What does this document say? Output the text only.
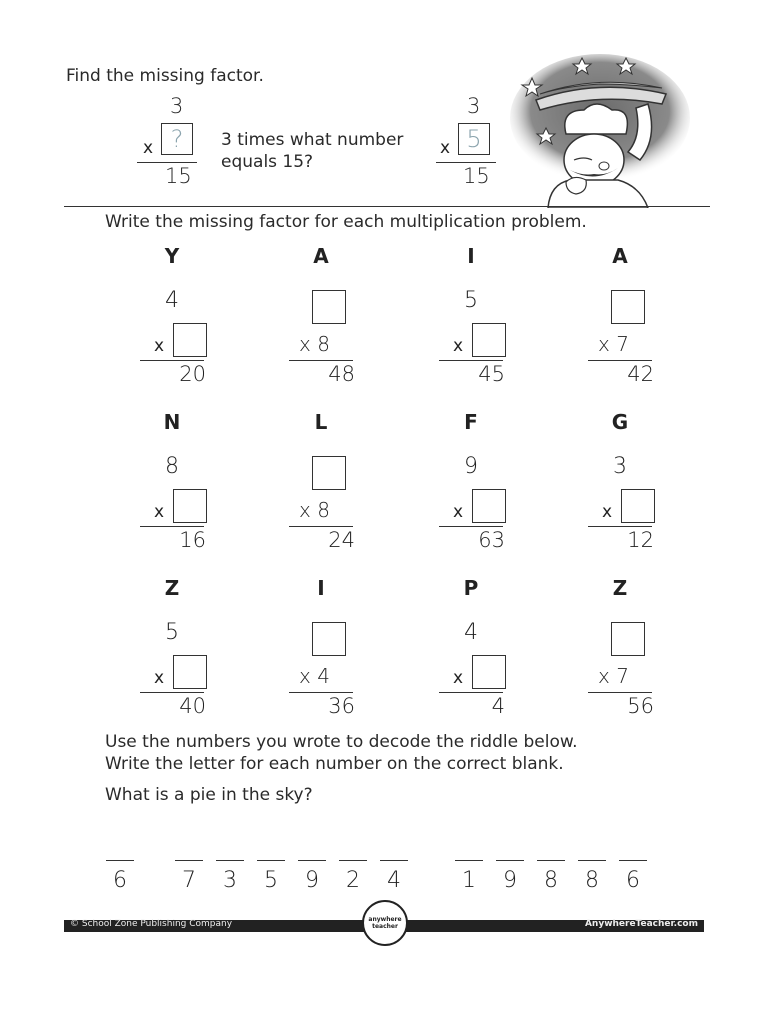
Find the missing factor.
3
?
x
15
3 times what number
equals 15?
3
5
x
15
Write the missing factor for each multiplication problem.
Y
4
x
20
A
x 8
48
I
5
x
45
A
x 7
42
N
8
x
16
L
x 8
24
F
9
x
63
G
3
x
12
Z
5
x
40
I
x 4
36
P
4
x
4
Z
x 7
56
Use the numbers you wrote to decode the riddle below.
Write the letter for each number on the correct blank.
What is a pie in the sky?
6	7	3	5	9	2	4	1	9	8	8	6
© School Zone Publishing Company	AnywhereTeacher.com
anywhere
teacher
